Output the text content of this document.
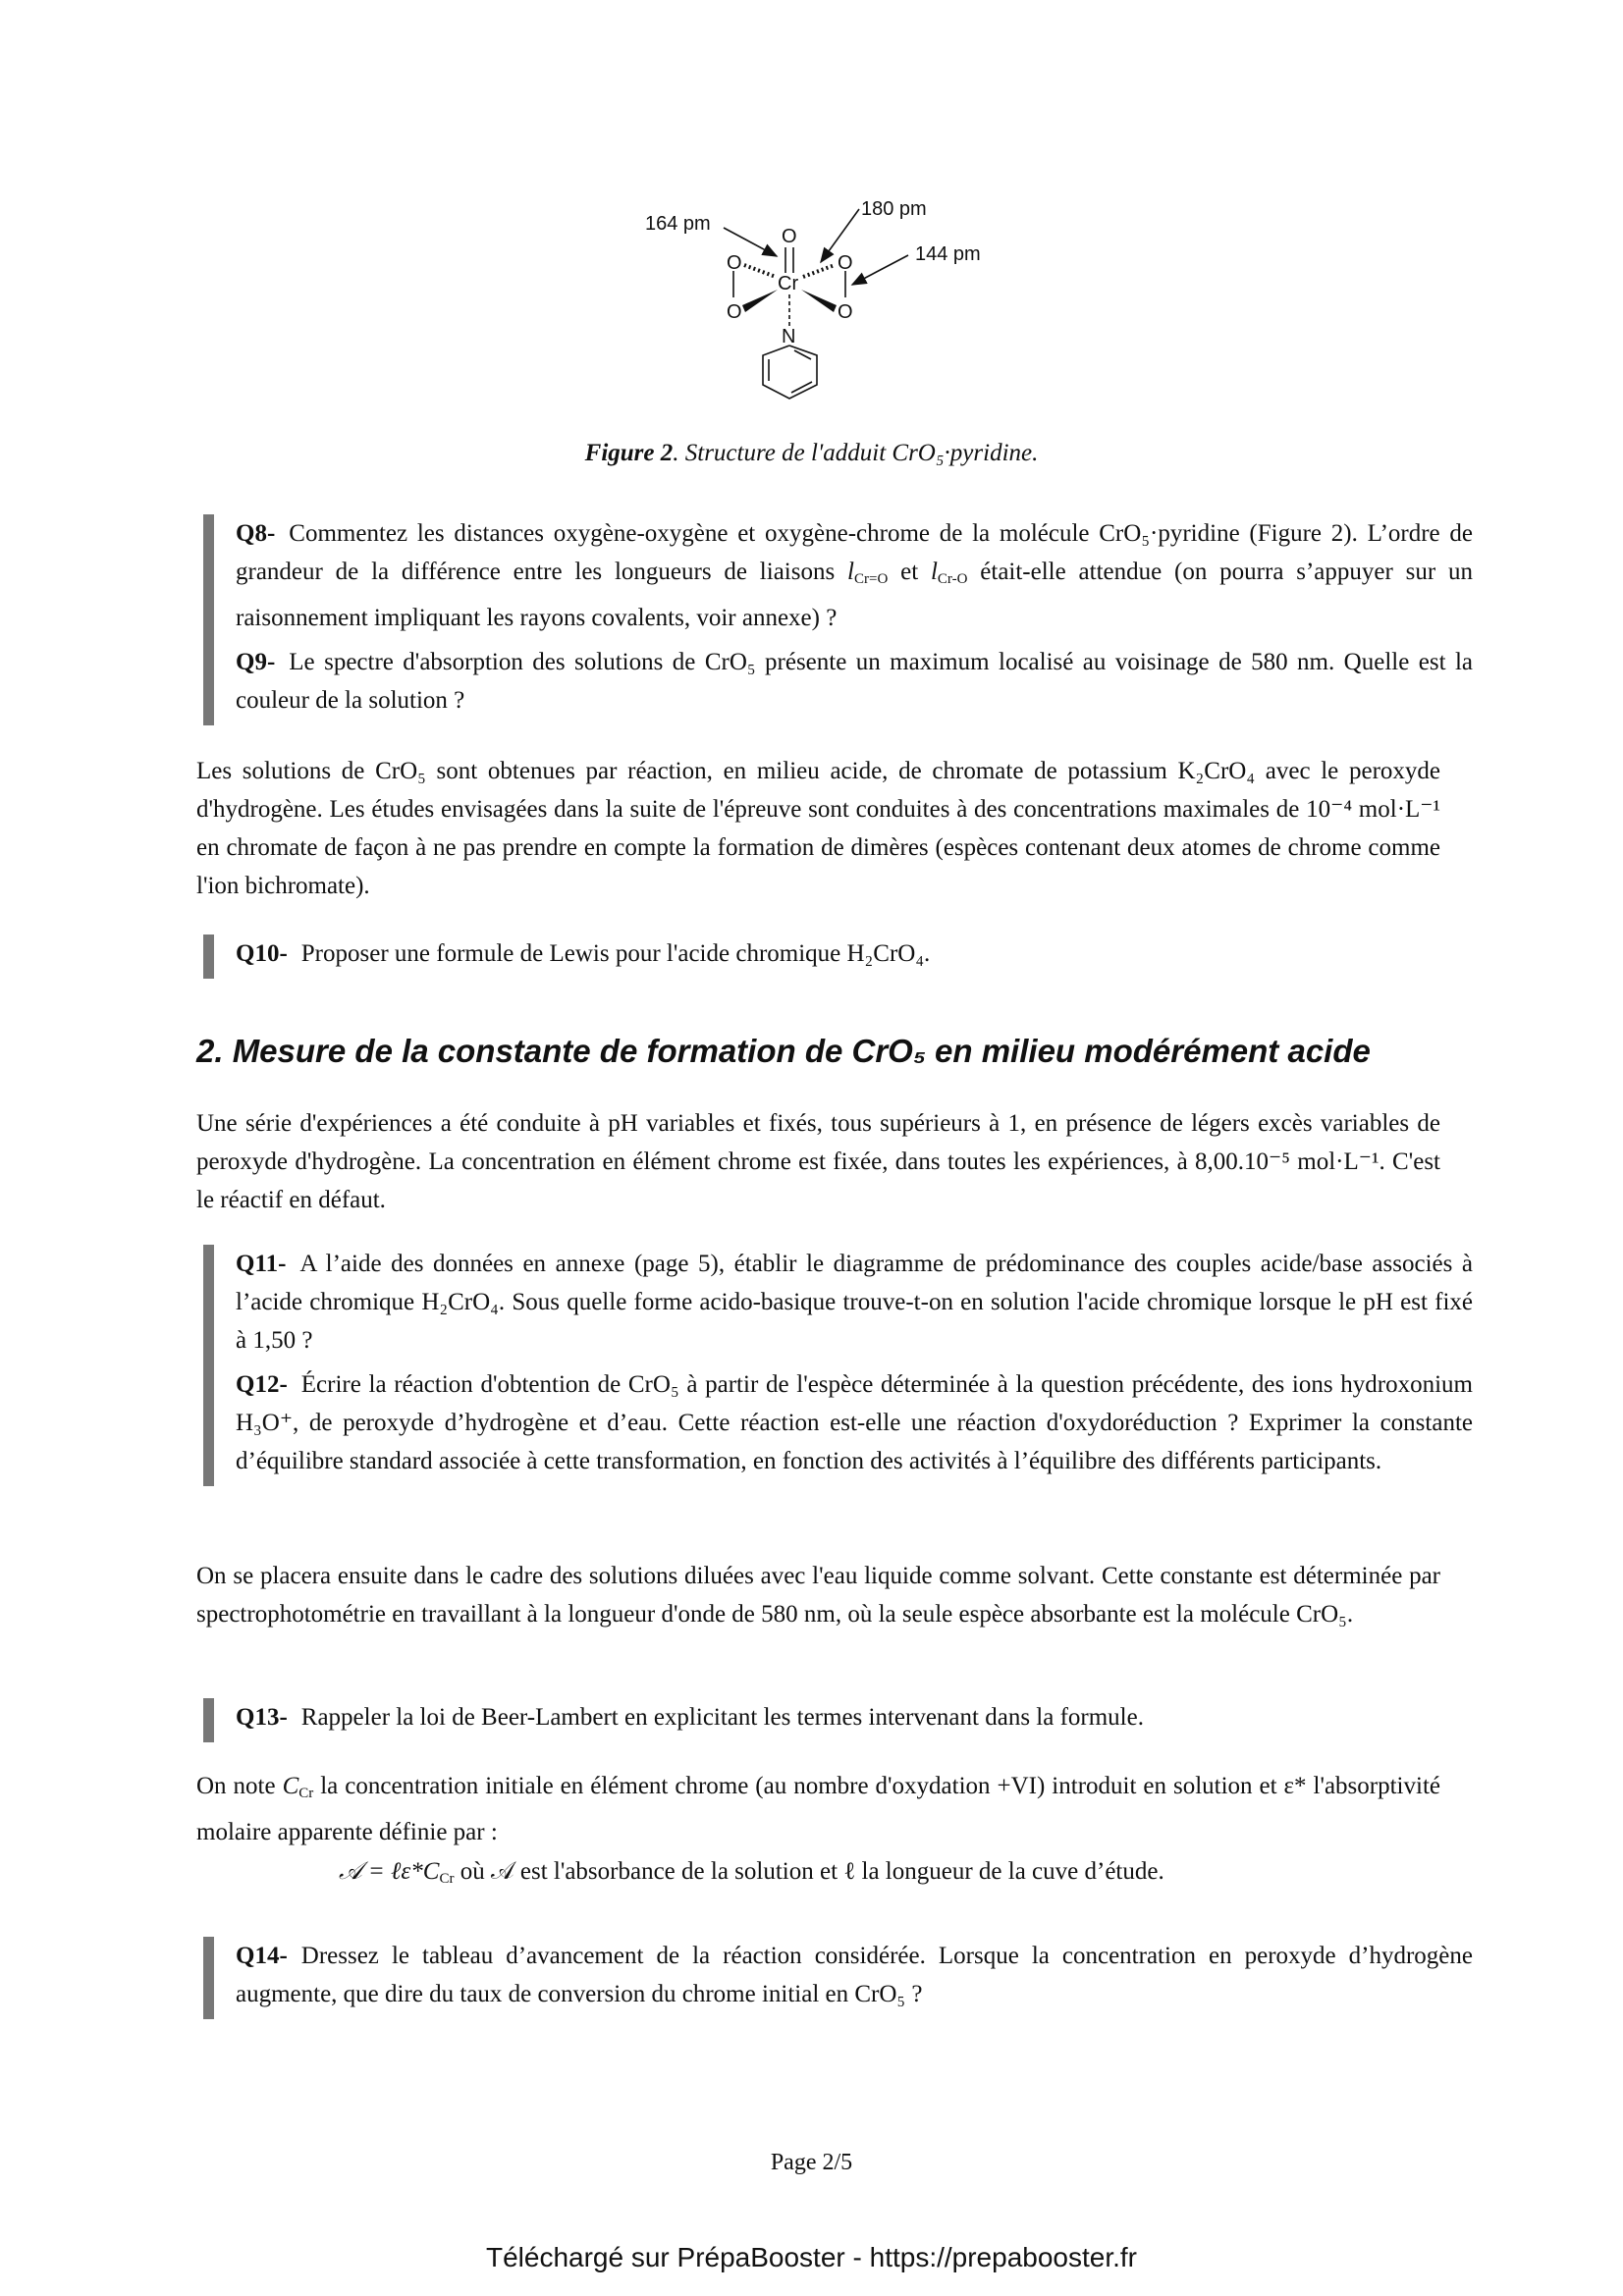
164 pm
180 pm
144 pm
O
Cr
O
O
O
O
N
Figure 2. Structure de l'adduit CrO₅·pyridine.

Q8- Commentez les distances oxygène-oxygène et oxygène-chrome de la molécule CrO₅·pyridine (Figure 2). L’ordre de grandeur de la différence entre les longueurs de liaisons $l_{Cr=O}$ et $l_{Cr-O}$ était-elle attendue (on pourra s’appuyer sur un raisonnement impliquant les rayons covalents, voir annexe) ?

Q9- Le spectre d'absorption des solutions de CrO₅ présente un maximum localisé au voisinage de 580 nm. Quelle est la couleur de la solution ?

Les solutions de CrO₅ sont obtenues par réaction, en milieu acide, de chromate de potassium K₂CrO₄ avec le peroxyde d'hydrogène. Les études envisagées dans la suite de l'épreuve sont conduites à des concentrations maximales de 10⁻⁴ mol·L⁻¹ en chromate de façon à ne pas prendre en compte la formation de dimères (espèces contenant deux atomes de chrome comme l'ion bichromate).

Q10- Proposer une formule de Lewis pour l'acide chromique H₂CrO₄.

2. Mesure de la constante de formation de CrO₅ en milieu modérément acide

Une série d'expériences a été conduite à pH variables et fixés, tous supérieurs à 1, en présence de légers excès variables de peroxyde d'hydrogène. La concentration en élément chrome est fixée, dans toutes les expériences, à 8,00.10⁻⁵ mol·L⁻¹. C'est le réactif en défaut.

Q11- A l’aide des données en annexe (page 5), établir le diagramme de prédominance des couples acide/base associés à l’acide chromique H₂CrO₄. Sous quelle forme acido-basique trouve-t-on en solution l'acide chromique lorsque le pH est fixé à 1,50 ?

Q12- Écrire la réaction d'obtention de CrO₅ à partir de l'espèce déterminée à la question précédente, des ions hydroxonium H₃O⁺, de peroxyde d’hydrogène et d’eau. Cette réaction est-elle une réaction d'oxydoréduction ? Exprimer la constante d’équilibre standard associée à cette transformation, en fonction des activités à l’équilibre des différents participants.

On se placera ensuite dans le cadre des solutions diluées avec l'eau liquide comme solvant. Cette constante est déterminée par spectrophotométrie en travaillant à la longueur d'onde de 580 nm, où la seule espèce absorbante est la molécule CrO₅.

Q13- Rappeler la loi de Beer-Lambert en explicitant les termes intervenant dans la formule.

On note $C_{Cr}$ la concentration initiale en élément chrome (au nombre d'oxydation +VI) introduit en solution et ε* l'absorptivité molaire apparente définie par :

𝒜 = $\ell\varepsilon*C_{Cr}$ où 𝒜 est l'absorbance de la solution et ℓ la longueur de la cuve d’étude.

Q14- Dressez le tableau d’avancement de la réaction considérée. Lorsque la concentration en peroxyde d’hydrogène augmente, que dire du taux de conversion du chrome initial en CrO₅ ?

Page 2/5
Téléchargé sur PrépaBooster - https://prepabooster.fr
